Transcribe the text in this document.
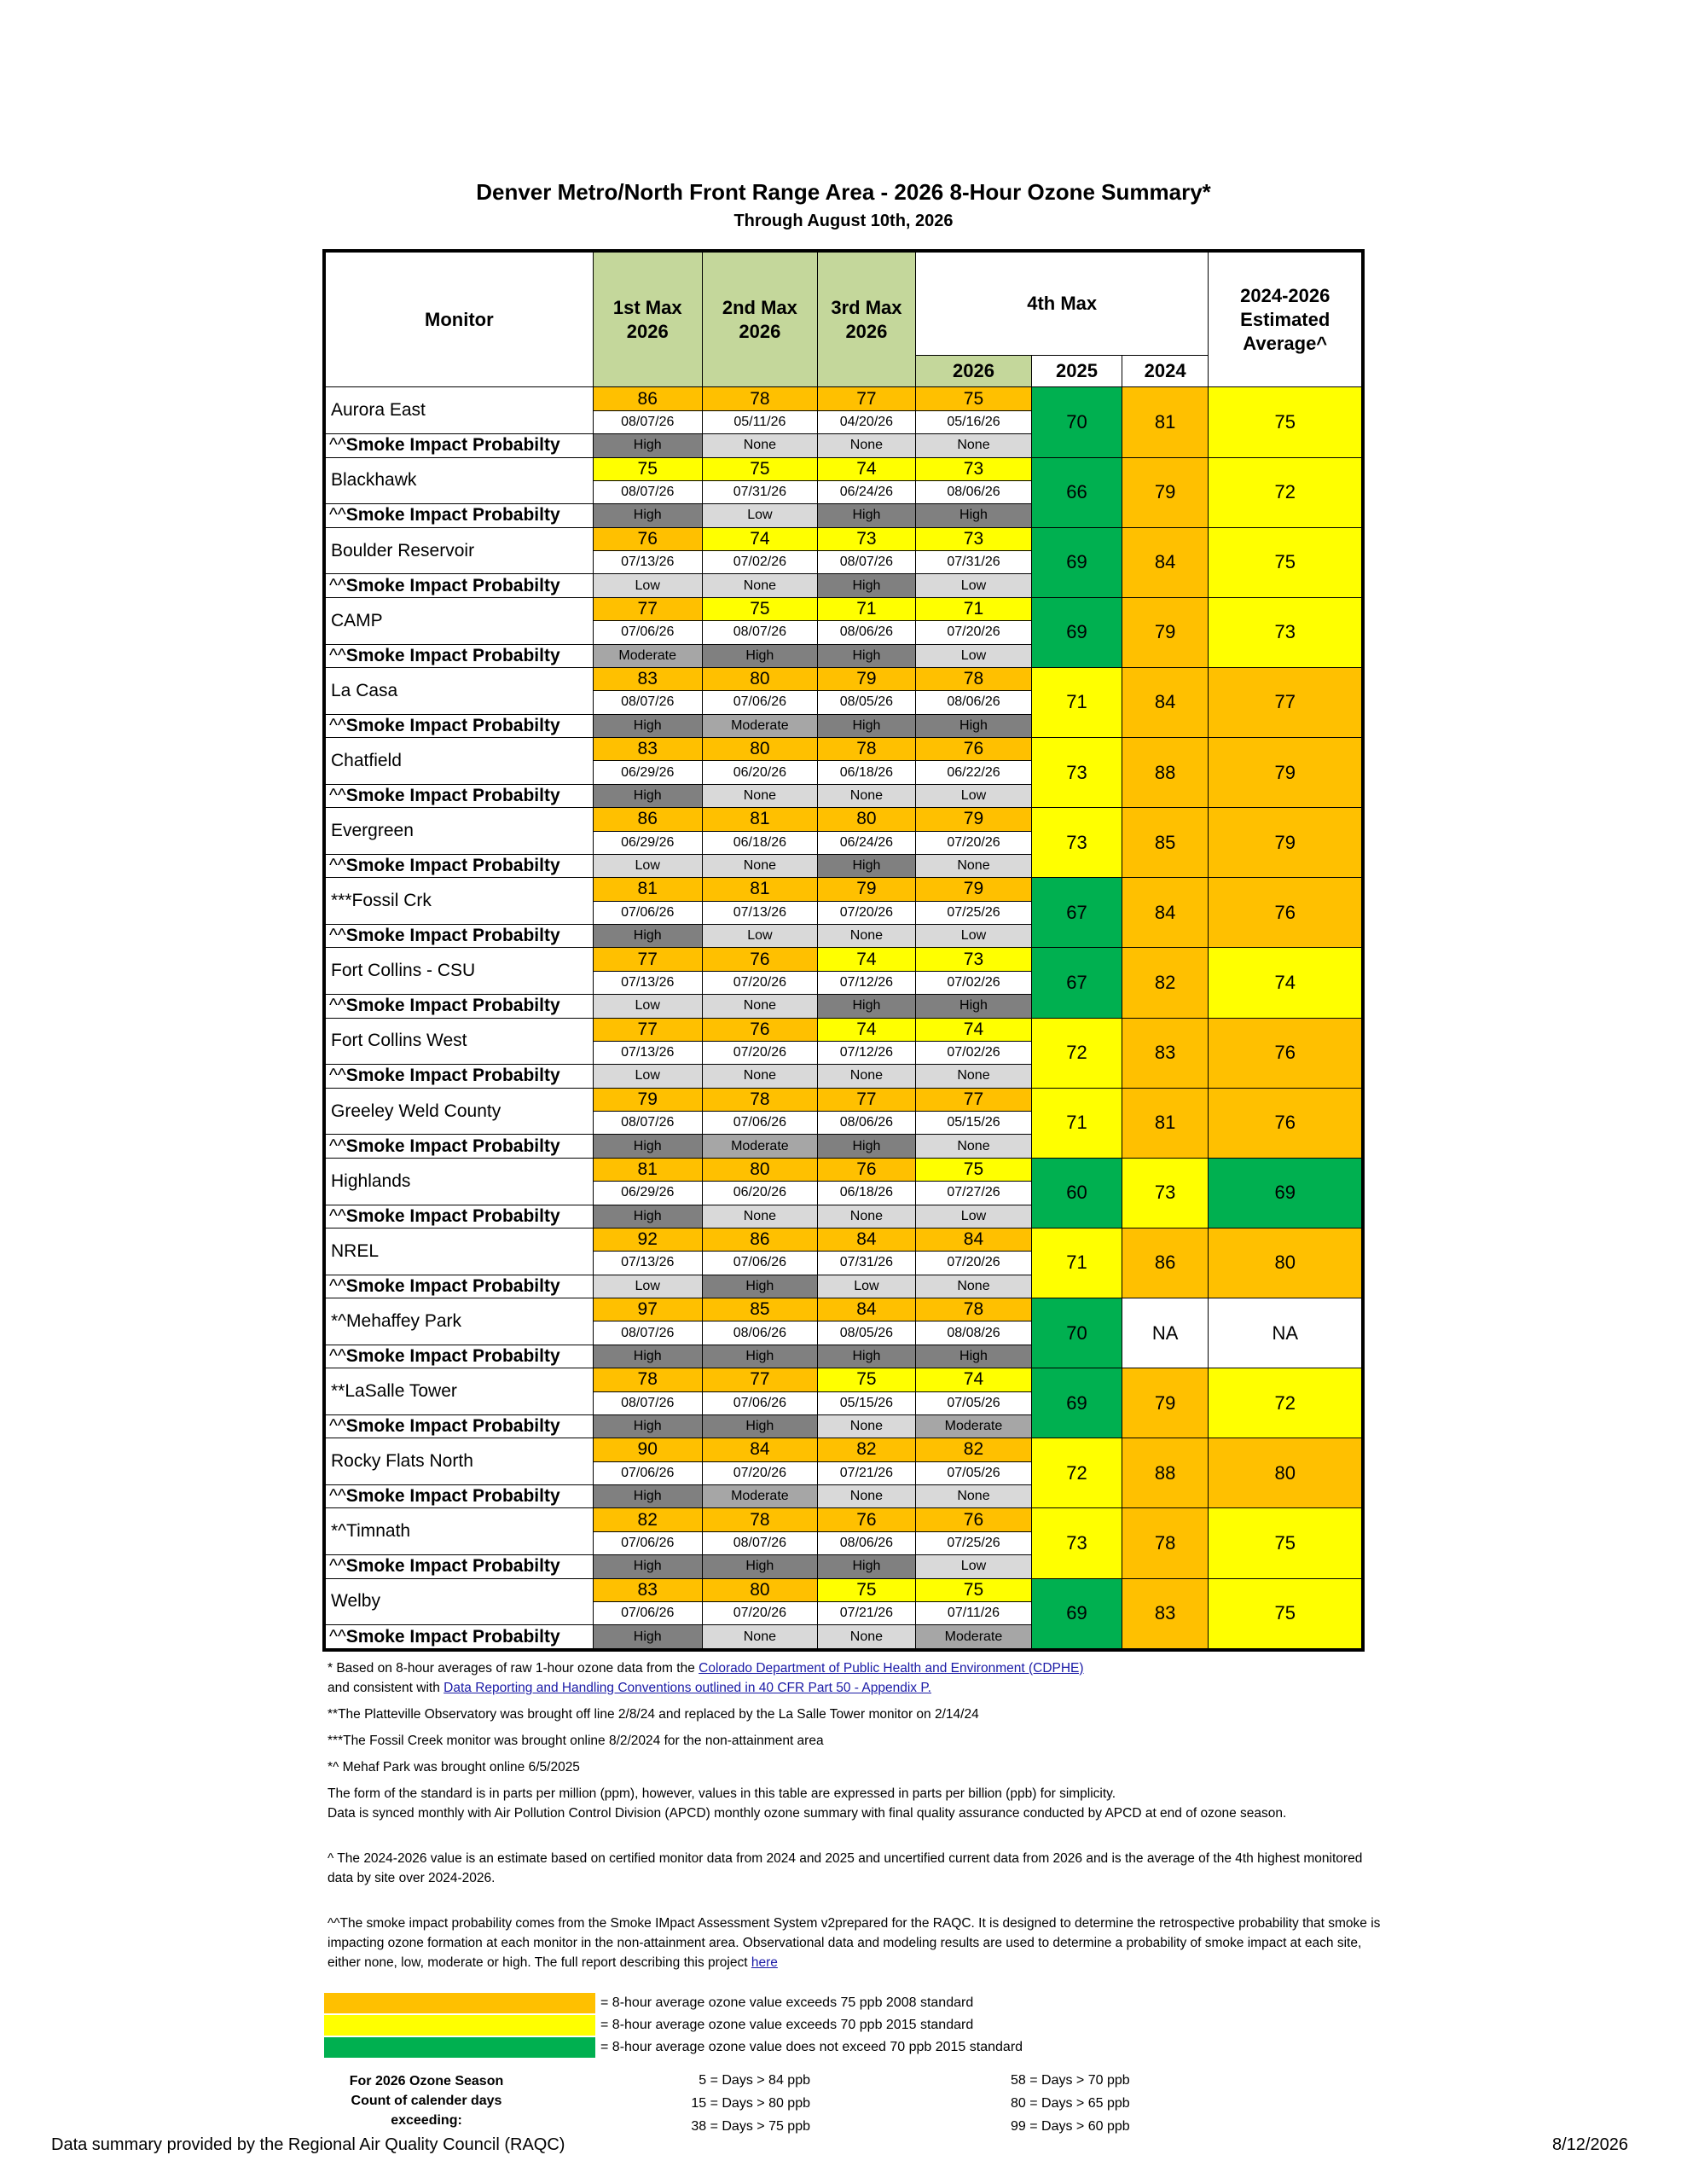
Denver Metro/North Front Range Area - 2026 8-Hour Ozone Summary*
Through August 10th, 2026
Monitor	1st Max 2026	2nd Max 2026	3rd Max 2026	4th Max			2024-2026 Estimated Average^
				2026	2025	2024	
Aurora East	86	78	77	75	70	81	75
	08/07/26	05/11/26	04/20/26	05/16/26			
^^Smoke Impact Probabilty	High	None	None	None			
Blackhawk	75	75	74	73	66	79	72
	08/07/26	07/31/26	06/24/26	08/06/26			
^^Smoke Impact Probabilty	High	Low	High	High			
Boulder Reservoir	76	74	73	73	69	84	75
	07/13/26	07/02/26	08/07/26	07/31/26			
^^Smoke Impact Probabilty	Low	None	High	Low			
CAMP	77	75	71	71	69	79	73
	07/06/26	08/07/26	08/06/26	07/20/26			
^^Smoke Impact Probabilty	Moderate	High	High	Low			
La Casa	83	80	79	78	71	84	77
	08/07/26	07/06/26	08/05/26	08/06/26			
^^Smoke Impact Probabilty	High	Moderate	High	High			
Chatfield	83	80	78	76	73	88	79
	06/29/26	06/20/26	06/18/26	06/22/26			
^^Smoke Impact Probabilty	High	None	None	Low			
Evergreen	86	81	80	79	73	85	79
	06/29/26	06/18/26	06/24/26	07/20/26			
^^Smoke Impact Probabilty	Low	None	High	None			
***Fossil Crk	81	81	79	79	67	84	76
	07/06/26	07/13/26	07/20/26	07/25/26			
^^Smoke Impact Probabilty	High	Low	None	Low			
Fort Collins - CSU	77	76	74	73	67	82	74
	07/13/26	07/20/26	07/12/26	07/02/26			
^^Smoke Impact Probabilty	Low	None	High	High			
Fort Collins West	77	76	74	74	72	83	76
	07/13/26	07/20/26	07/12/26	07/02/26			
^^Smoke Impact Probabilty	Low	None	None	None			
Greeley Weld County	79	78	77	77	71	81	76
	08/07/26	07/06/26	08/06/26	05/15/26			
^^Smoke Impact Probabilty	High	Moderate	High	None			
Highlands	81	80	76	75	60	73	69
	06/29/26	06/20/26	06/18/26	07/27/26			
^^Smoke Impact Probabilty	High	None	None	Low			
NREL	92	86	84	84	71	86	80
	07/13/26	07/06/26	07/31/26	07/20/26			
^^Smoke Impact Probabilty	Low	High	Low	None			
*^Mehaffey Park	97	85	84	78	70	NA	NA
	08/07/26	08/06/26	08/05/26	08/08/26			
^^Smoke Impact Probabilty	High	High	High	High			
**LaSalle Tower	78	77	75	74	69	79	72
	08/07/26	07/06/26	05/15/26	07/05/26			
^^Smoke Impact Probabilty	High	High	None	Moderate			
Rocky Flats North	90	84	82	82	72	88	80
	07/06/26	07/20/26	07/21/26	07/05/26			
^^Smoke Impact Probabilty	High	Moderate	None	None			
*^Timnath	82	78	76	76	73	78	75
	07/06/26	08/07/26	08/06/26	07/25/26			
^^Smoke Impact Probabilty	High	High	High	Low			
Welby	83	80	75	75	69	83	75
	07/06/26	07/20/26	07/21/26	07/11/26			
^^Smoke Impact Probabilty	High	None	None	Moderate			

* Based on 8-hour averages of raw 1-hour ozone data from the Colorado Department of Public Health and Environment (CDPHE)

and consistent with Data Reporting and Handling Conventions outlined in 40 CFR Part 50 - Appendix P.

**The Platteville Observatory was brought off line 2/8/24 and replaced by the La Salle Tower monitor on 2/14/24

***The Fossil Creek monitor was brought online 8/2/2024 for the non-attainment area

*^ Mehaf Park was brought online 6/5/2025

The form of the standard is in parts per million (ppm), however, values in this table are expressed in parts per billion (ppb) for simplicity.

Data is synced monthly with Air Pollution Control Division (APCD) monthly ozone summary with final quality assurance conducted by APCD at end of ozone season.

^ The 2024-2026 value is an estimate based on certified monitor data from 2024 and 2025 and uncertified current data from 2026 and is the average of the 4th highest monitored data by site over 2024-2026.

^^The smoke impact probability comes from the Smoke IMpact Assessment System v2prepared for the RAQC. It is designed to determine the retrospective probability that smoke is impacting ozone formation at each monitor in the non-attainment area. Observational data and modeling results are used to determine a probability of smoke impact at each site, either none, low, moderate or high. The full report describing this project here

= 8-hour average ozone value exceeds 75 ppb 2008 standard
= 8-hour average ozone value exceeds 70 ppb 2015 standard
= 8-hour average ozone value does not exceed 70 ppb 2015 standard
For 2026 Ozone Season Count of calender days exceeding:
5 = Days > 84 ppb
15 = Days > 80 ppb
38 = Days > 75 ppb
58 = Days > 70 ppb
80 = Days > 65 ppb
99 = Days > 60 ppb
Data summary provided by the Regional Air Quality Council (RAQC)	8/12/2026
